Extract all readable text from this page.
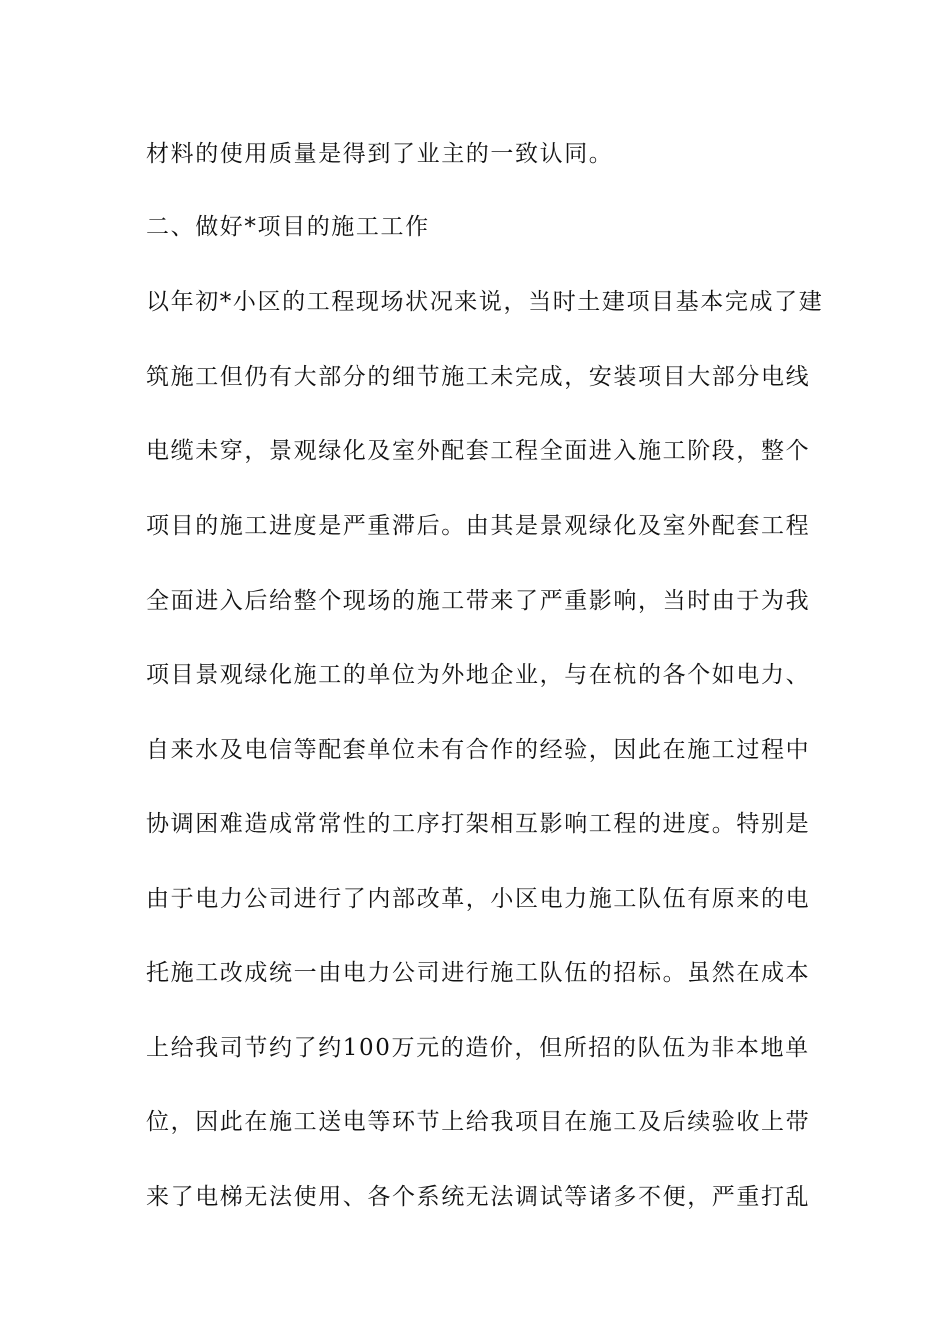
材料的使用质量是得到了业主的一致认同。
二、做好*项目的施工工作
以年初*小区的工程现场状况来说，当时土建项目基本完成了建
筑施工但仍有大部分的细节施工未完成，安装项目大部分电线
电缆未穿，景观绿化及室外配套工程全面进入施工阶段，整个
项目的施工进度是严重滞后。由其是景观绿化及室外配套工程
全面进入后给整个现场的施工带来了严重影响，当时由于为我
项目景观绿化施工的单位为外地企业，与在杭的各个如电力、
自来水及电信等配套单位未有合作的经验，因此在施工过程中
协调困难造成常常性的工序打架相互影响工程的进度。特别是
由于电力公司进行了内部改革，小区电力施工队伍有原来的电
托施工改成统一由电力公司进行施工队伍的招标。虽然在成本
上给我司节约了约100万元的造价，但所招的队伍为非本地单
位，因此在施工送电等环节上给我项目在施工及后续验收上带
来了电梯无法使用、各个系统无法调试等诸多不便，严重打乱
